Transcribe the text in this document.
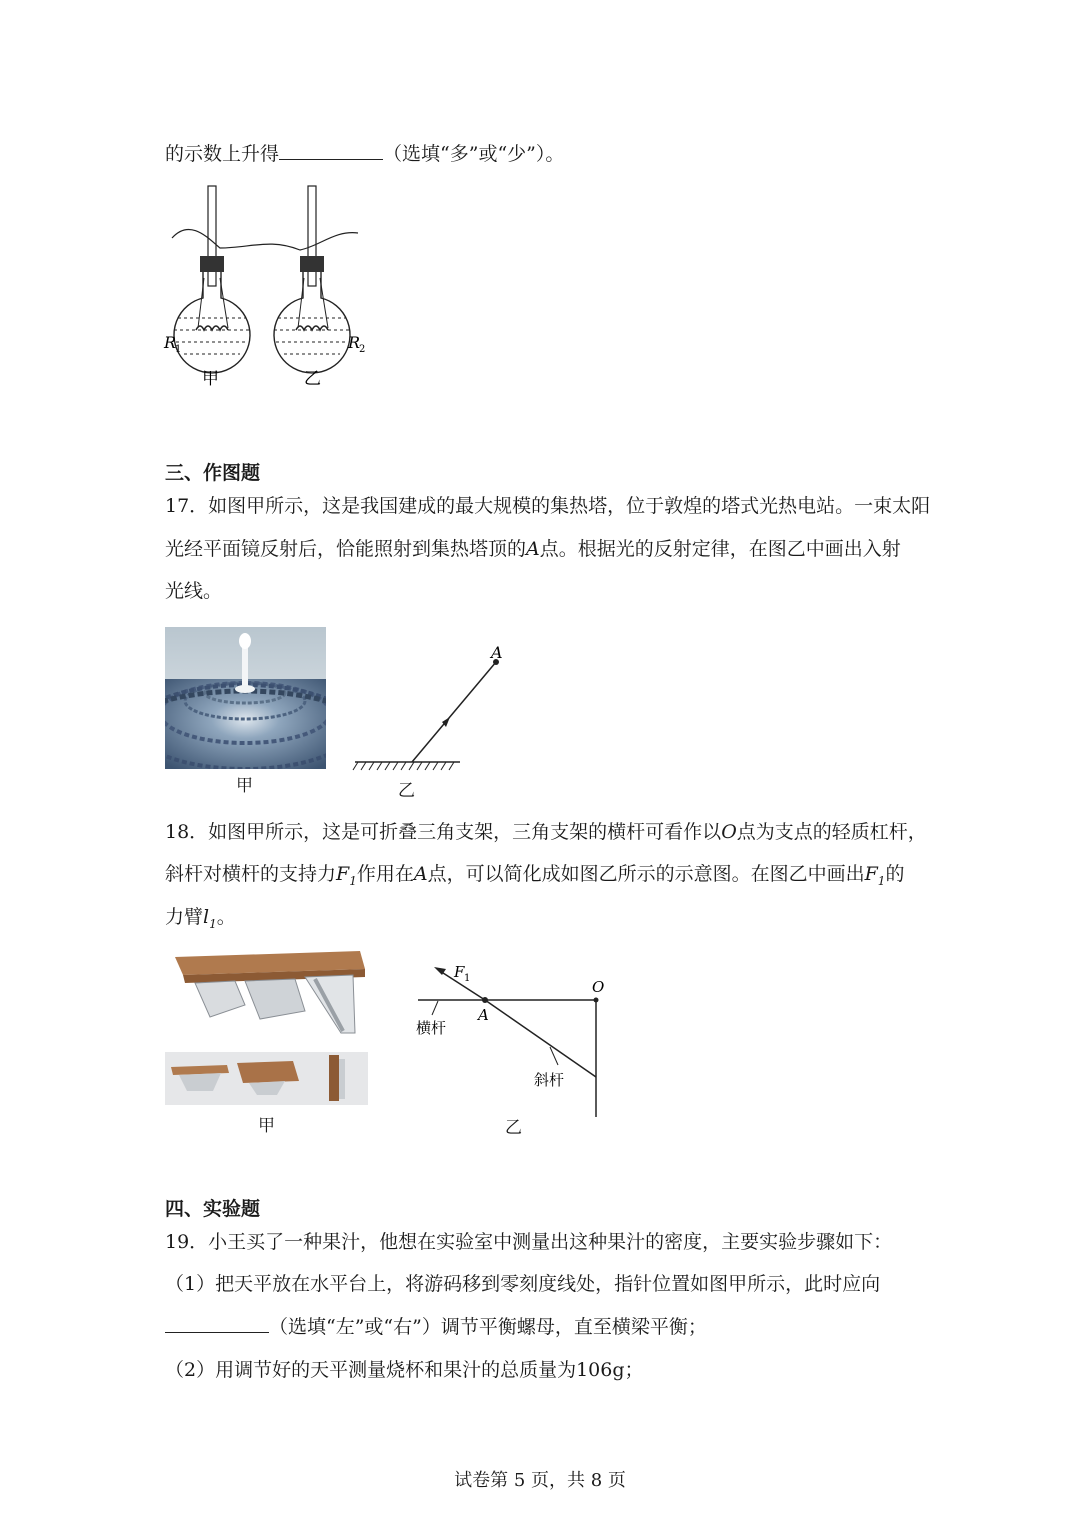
的示数上升得	（选填“多”或“少”）。
R
1	R
2
甲	乙
三、作图题
17．如图甲所示，这是我国建成的最大规模的集热塔，位于敦煌的塔式光热电站。一束太阳
光经平面镜反射后，恰能照射到集热塔顶的A点。根据光的反射定律，在图乙中画出入射
光线。
甲
A
乙
18．如图甲所示，这是可折叠三角支架，三角支架的横杆可看作以O点为支点的轻质杠杆，
斜杆对横杆的支持力$F_1$作用在A点，可以简化成如图乙所示的示意图。在图乙中画出$F_1$的
力臂$l_1$。
甲
F 1	O
A
横杆
斜杆
乙
四、实验题
19．小王买了一种果汁，他想在实验室中测量出这种果汁的密度，主要实验步骤如下：
（1）把天平放在水平台上，将游码移到零刻度线处，指针位置如图甲所示，此时应向
（选填“左”或“右”）调节平衡螺母，直至横梁平衡；
（2）用调节好的天平测量烧杯和果汁的总质量为106g；
试卷第 5 页，共 8 页
